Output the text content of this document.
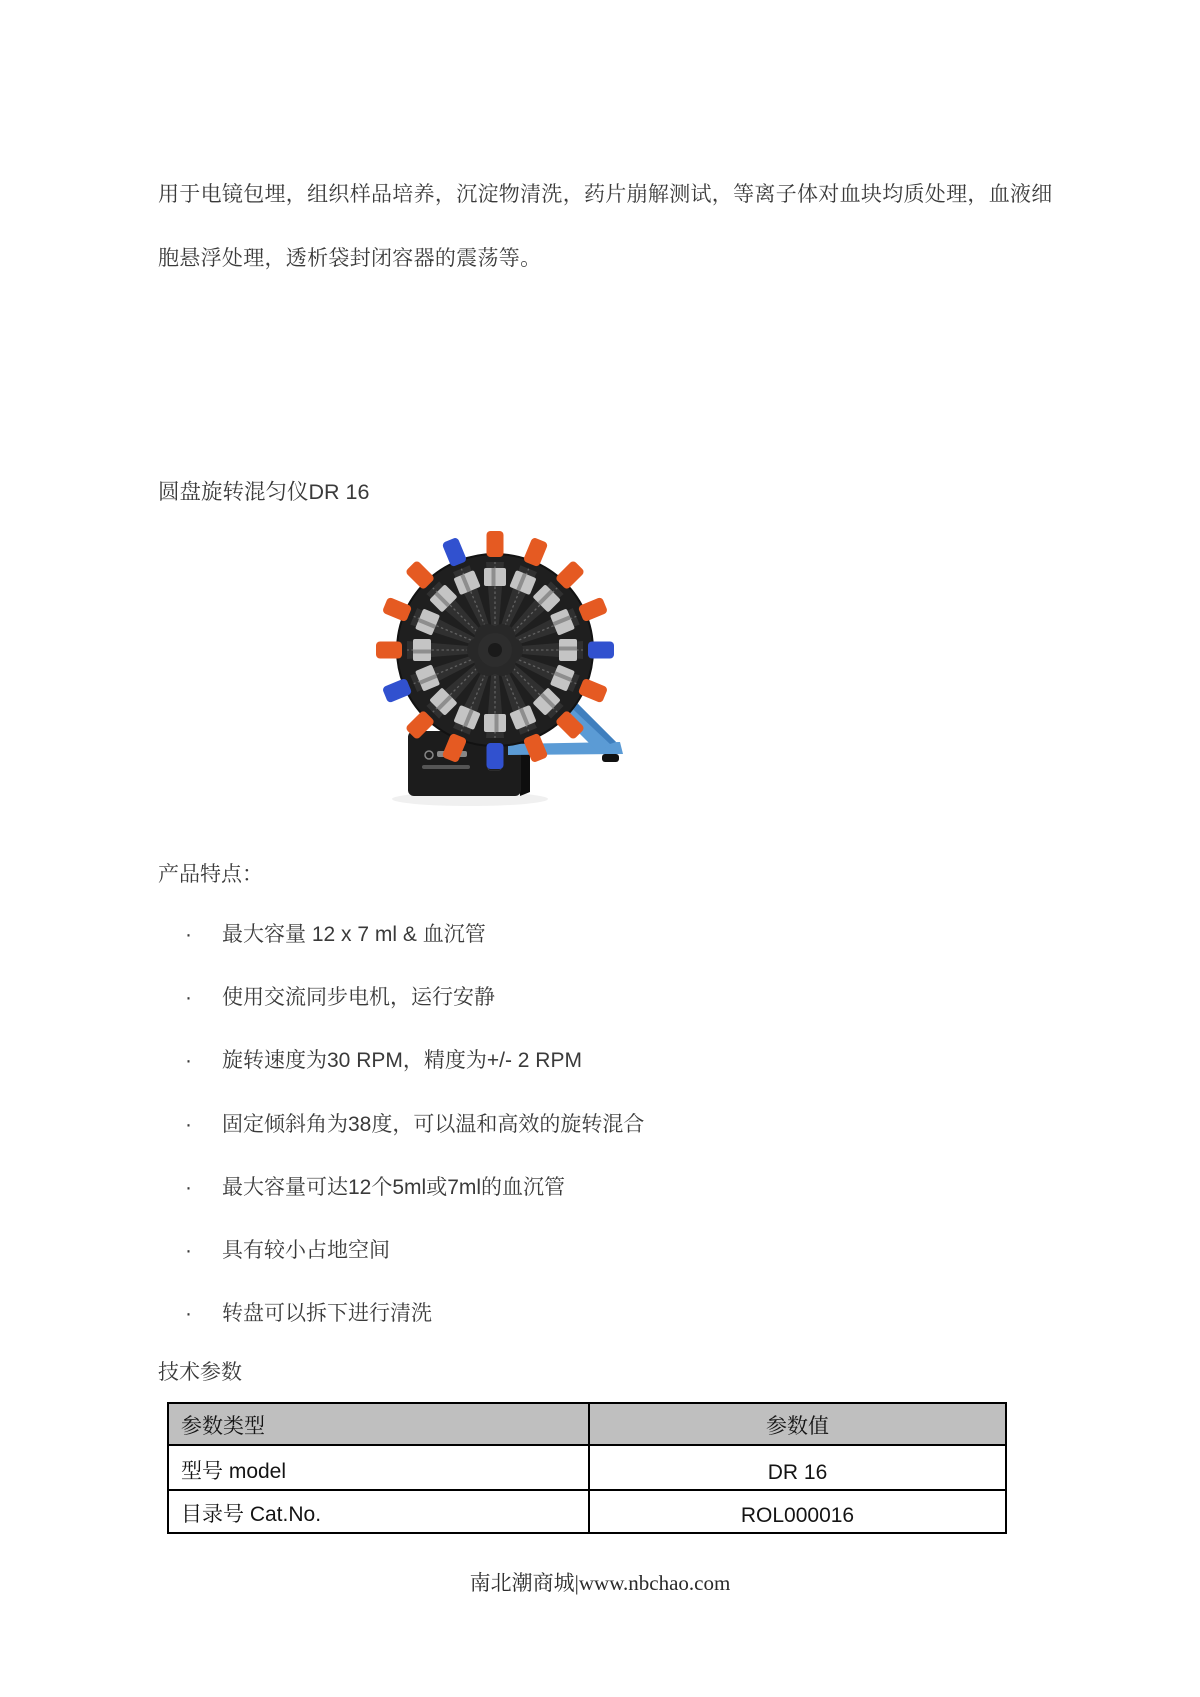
用于电镜包埋，组织样品培养，沉淀物清洗，药片崩解测试，等离子体对血块均质处理，血液细
胞悬浮处理，透析袋封闭容器的震荡等。

圆盘旋转混匀仪DR 16
产品特点：
· 最大容量 12 x 7 ml & 血沉管
· 使用交流同步电机，运行安静
· 旋转速度为30 RPM，精度为+/- 2 RPM
· 固定倾斜角为38度，可以温和高效的旋转混合
· 最大容量可达12个5ml或7ml的血沉管
· 具有较小占地空间
· 转盘可以拆下进行清洗
技术参数
参数类型	参数值
型号 model	DR 16
目录号 Cat.No.	ROL000016
南北潮商城|www.nbchao.com
